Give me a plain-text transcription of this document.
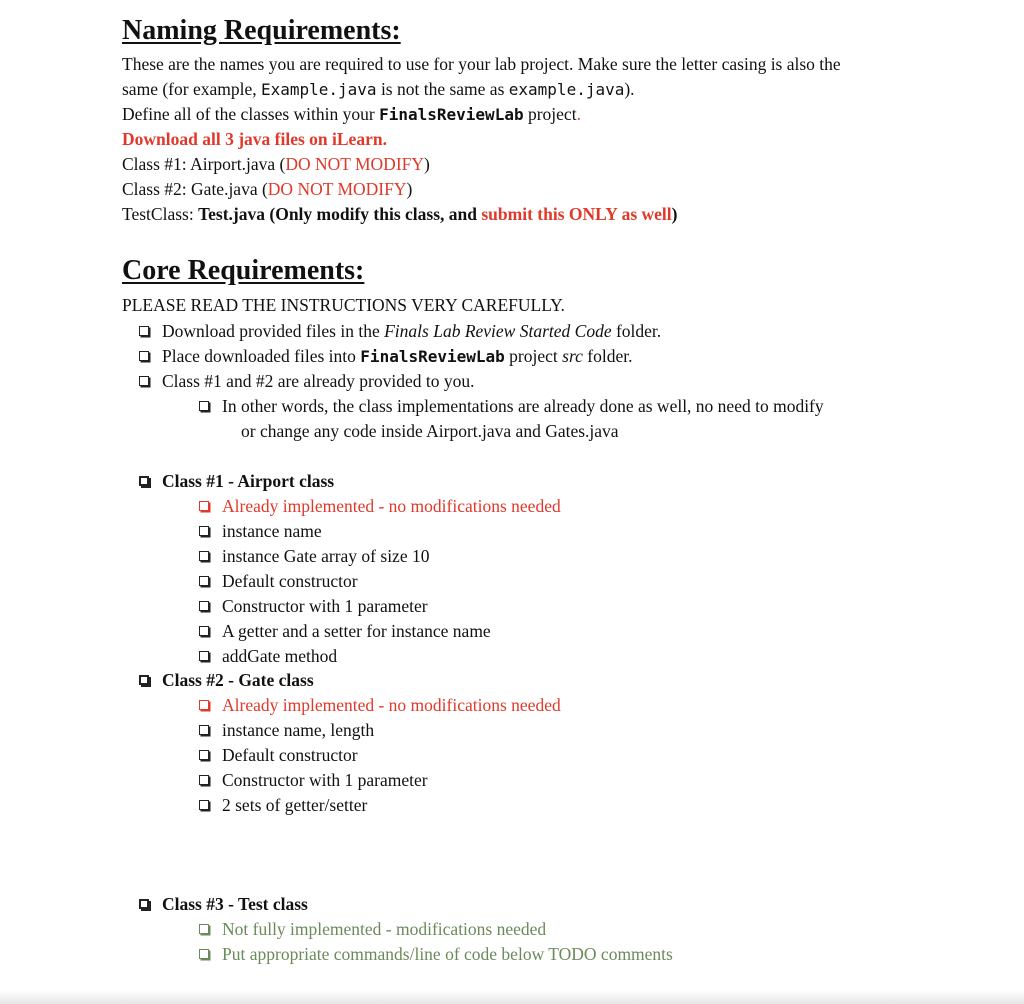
Naming Requirements:
These are the names you are required to use for your lab project. Make sure the letter casing is also the
same (for example, Example.java is not the same as example.java).
Define all of the classes within your FinalsReviewLab project.
Download all 3 java files on iLearn.
Class #1: Airport.java (DO NOT MODIFY)
Class #2: Gate.java (DO NOT MODIFY)
TestClass: Test.java (Only modify this class, and submit this ONLY as well)
Core Requirements:
PLEASE READ THE INSTRUCTIONS VERY CAREFULLY.
Download provided files in the Finals Lab Review Started Code folder.
Place downloaded files into FinalsReviewLab project src folder.
Class #1 and #2 are already provided to you.
In other words, the class implementations are already done as well, no need to modify
or change any code inside Airport.java and Gates.java
Class #1 - Airport class
Already implemented - no modifications needed
instance name
instance Gate array of size 10
Default constructor
Constructor with 1 parameter
A getter and a setter for instance name
addGate method
Class #2 - Gate class
Already implemented - no modifications needed
instance name, length
Default constructor
Constructor with 1 parameter
2 sets of getter/setter
Class #3 - Test class
Not fully implemented - modifications needed
Put appropriate commands/line of code below TODO comments
